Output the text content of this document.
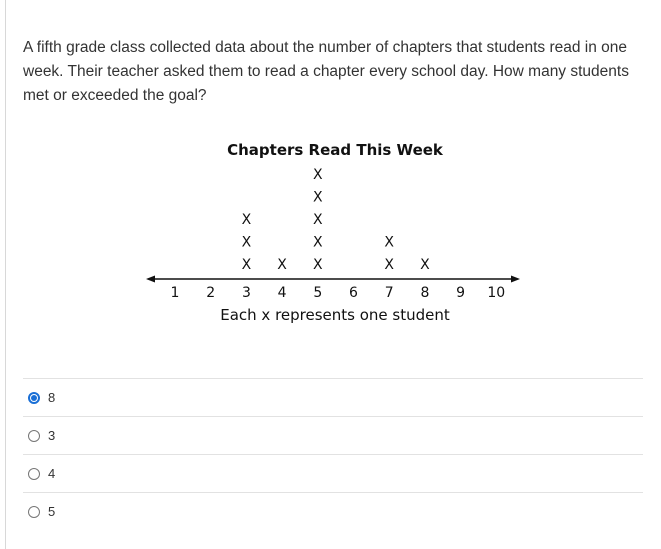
A fifth grade class collected data about the number of chapters that students read in one week. Their teacher asked them to read a chapter every school day. How many students met or exceeded the goal?

Chapters Read This Week
1 2 3 4 5 6 7 8 9 10
X
X
X
X X
X
X
X
X
X
X
X
Each x represents one student
8
3
4
5
